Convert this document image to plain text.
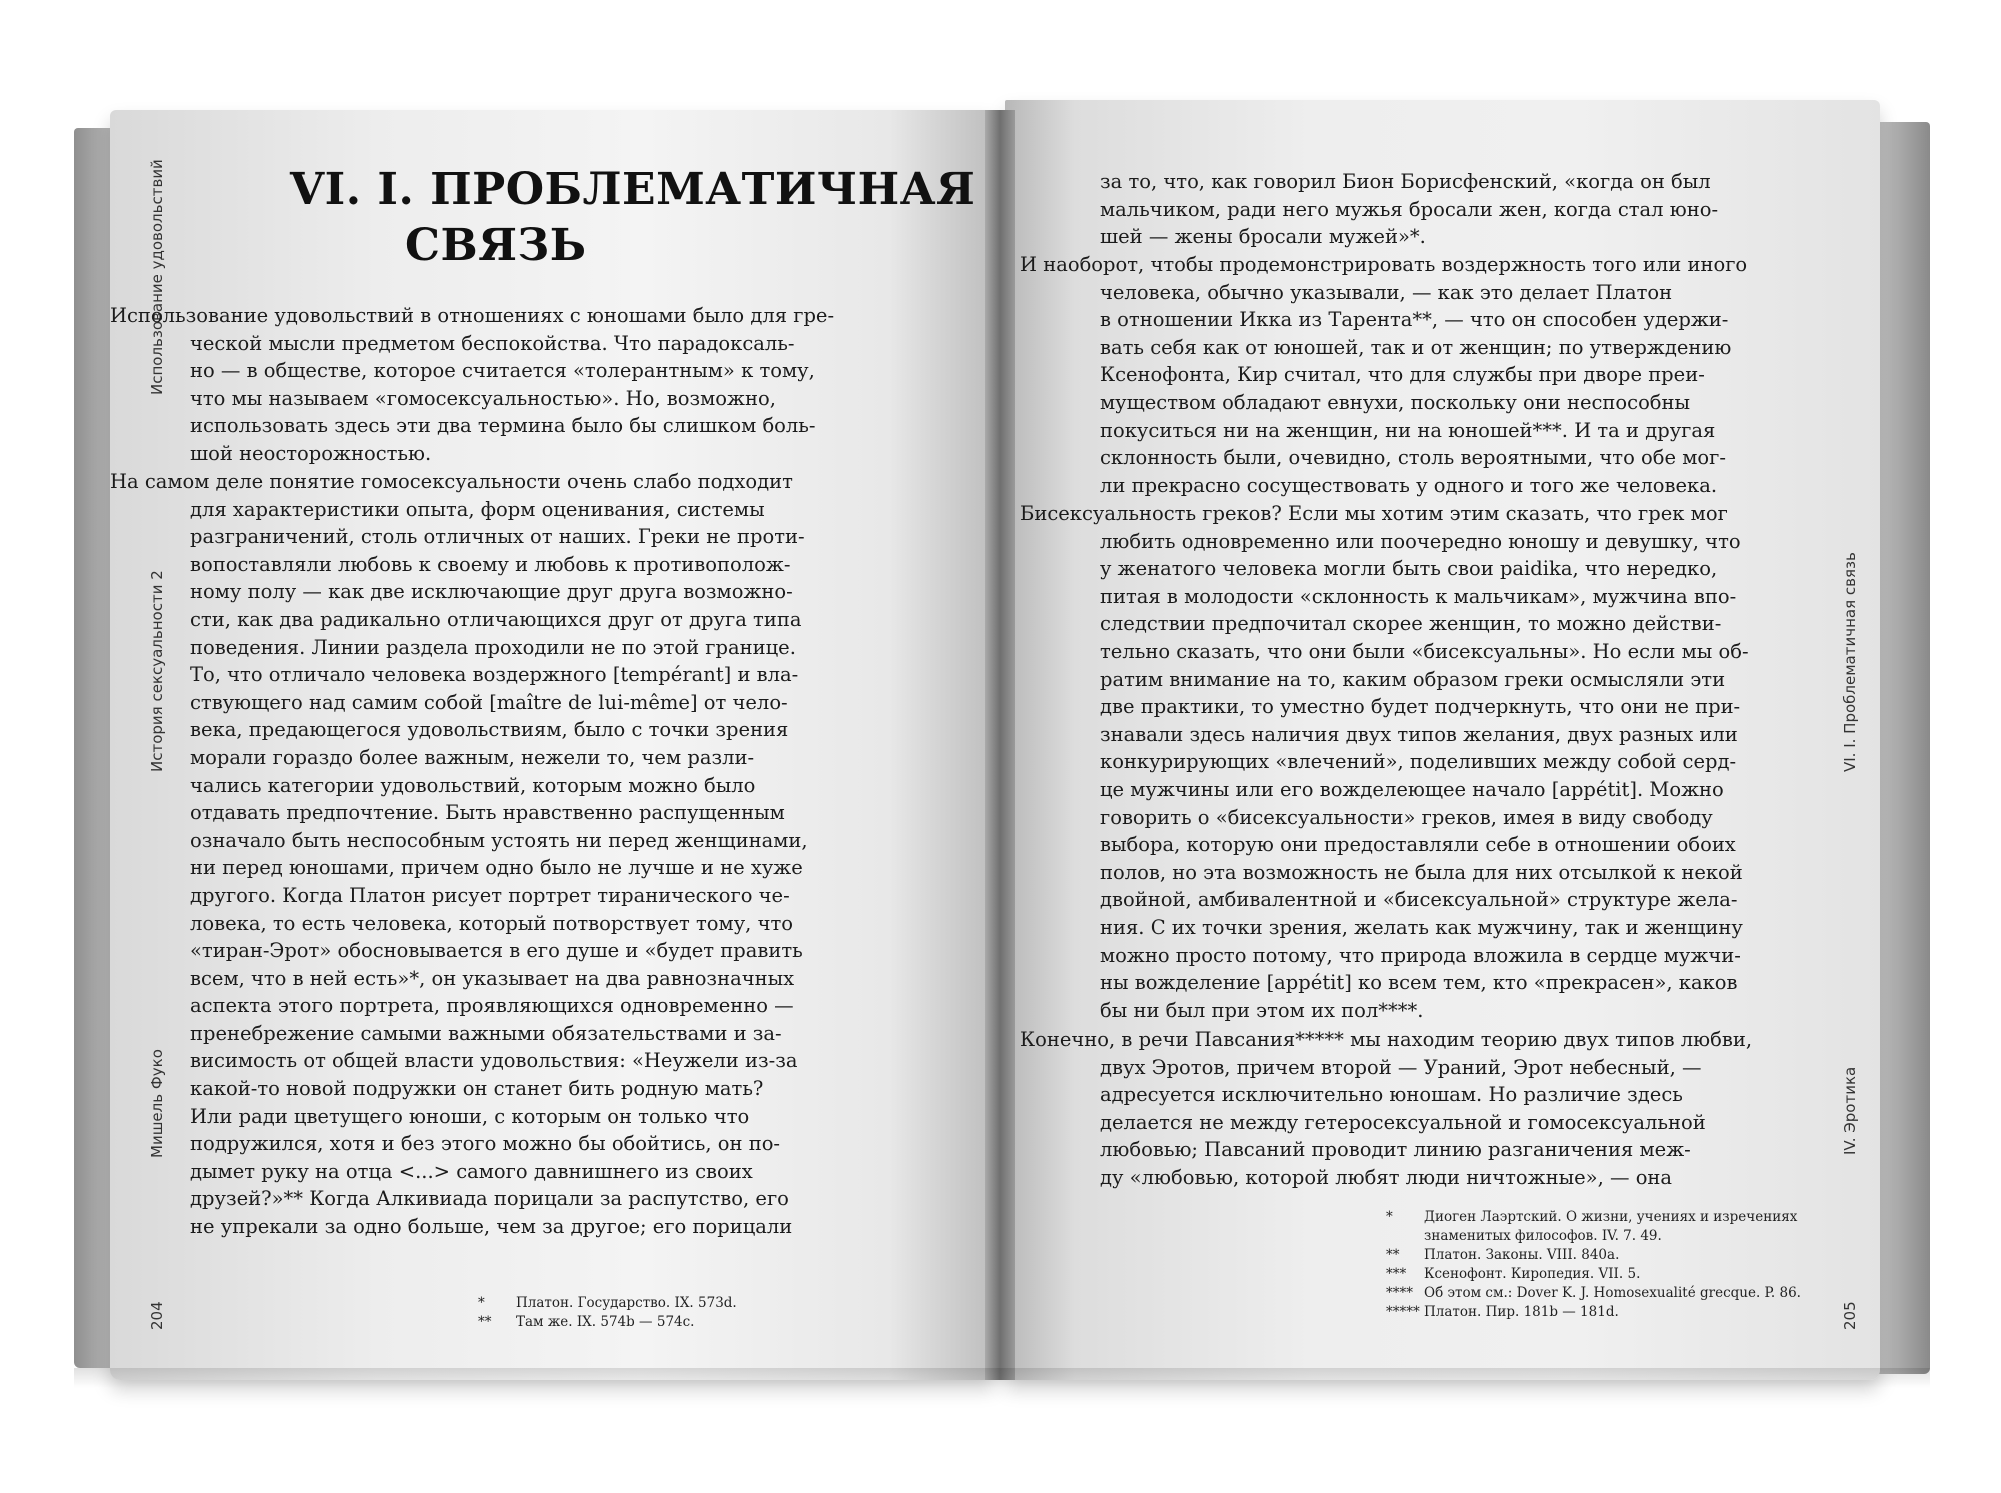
Мишель Фуко
История сексуальности 2
Использование удовольствий
204
IV. Эротика
VI. I. Проблематичная связь
205
VI. I. ПРОБЛЕМАТИЧНАЯ
СВЯЗЬ
Использование удовольствий в отношениях с юношами было для гре-
ческой мысли предметом беспокойства. Что парадоксаль-
но — в обществе, которое считается «толерантным» к тому,
что мы называем «гомосексуальностью». Но, возможно,
использовать здесь эти два термина было бы слишком боль-
шой неосторожностью.
На самом деле понятие гомосексуальности очень слабо подходит
для характеристики опыта, форм оценивания, системы
разграничений, столь отличных от наших. Греки не проти-
вопоставляли любовь к своему и любовь к противополож-
ному полу — как две исключающие друг друга возможно-
сти, как два радикально отличающихся друг от друга типа
поведения. Линии раздела проходили не по этой границе.
То, что отличало человека воздержного [tempérant] и вла-
ствующего над самим собой [maître de lui-même] от чело-
века, предающегося удовольствиям, было с точки зрения
морали гораздо более важным, нежели то, чем разли-
чались категории удовольствий, которым можно было
отдавать предпочтение. Быть нравственно распущенным
означало быть неспособным устоять ни перед женщинами,
ни перед юношами, причем одно было не лучше и не хуже
другого. Когда Платон рисует портрет тиранического че-
ловека, то есть человека, который потворствует тому, что
«тиран-Эрот» обосновывается в его душе и «будет править
всем, что в ней есть»*, он указывает на два равнозначных
аспекта этого портрета, проявляющихся одновременно —
пренебрежение самыми важными обязательствами и за-
висимость от общей власти удовольствия: «Неужели из-за
какой-то новой подружки он станет бить родную мать?
Или ради цветущего юноши, с которым он только что
подружился, хотя и без этого можно бы обойтись, он по-
дымет руку на отца <...> самого давнишнего из своих
друзей?»** Когда Алкивиада порицали за распутство, его
не упрекали за одно больше, чем за другое; его порицали
*	Платон. Государство. IX. 573d.
**	Там же. IX. 574b — 574c.
за то, что, как говорил Бион Борисфенский, «когда он был
мальчиком, ради него мужья бросали жен, когда стал юно-
шей — жены бросали мужей»*.
И наоборот, чтобы продемонстрировать воздержность того или иного
человека, обычно указывали, — как это делает Платон
в отношении Икка из Тарента**, — что он способен удержи-
вать себя как от юношей, так и от женщин; по утверждению
Ксенофонта, Кир считал, что для службы при дворе преи-
муществом обладают евнухи, поскольку они неспособны
покуситься ни на женщин, ни на юношей***. И та и другая
склонность были, очевидно, столь вероятными, что обе мог-
ли прекрасно сосуществовать у одного и того же человека.
Бисексуальность греков? Если мы хотим этим сказать, что грек мог
любить одновременно или поочередно юношу и девушку, что
у женатого человека могли быть свои paidika, что нередко,
питая в молодости «склонность к мальчикам», мужчина впо-
следствии предпочитал скорее женщин, то можно действи-
тельно сказать, что они были «бисексуальны». Но если мы об-
ратим внимание на то, каким образом греки осмысляли эти
две практики, то уместно будет подчеркнуть, что они не при-
знавали здесь наличия двух типов желания, двух разных или
конкурирующих «влечений», поделивших между собой серд-
це мужчины или его вожделеющее начало [appétit]. Можно
говорить о «бисексуальности» греков, имея в виду свободу
выбора, которую они предоставляли себе в отношении обоих
полов, но эта возможность не была для них отсылкой к некой
двойной, амбивалентной и «бисексуальной» структуре жела-
ния. С их точки зрения, желать как мужчину, так и женщину
можно просто потому, что природа вложила в сердце мужчи-
ны вожделение [appétit] ко всем тем, кто «прекрасен», каков
бы ни был при этом их пол****.
Конечно, в речи Павсания***** мы находим теорию двух типов любви,
двух Эротов, причем второй — Ураний, Эрот небесный, —
адресуется исключительно юношам. Но различие здесь
делается не между гетеросексуальной и гомосексуальной
любовью; Павсаний проводит линию разганичения меж-
ду «любовью, которой любят люди ничтожные», — она
*	Диоген Лаэртский. О жизни, учениях и изречениях знаменитых философов. IV. 7. 49.
**	Платон. Законы. VIII. 840a.
***	Ксенофонт. Киропедия. VII. 5.
**** Об этом см.: Dover K. J. Homosexualité grecque. P. 86.
***** Платон. Пир. 181b — 181d.
